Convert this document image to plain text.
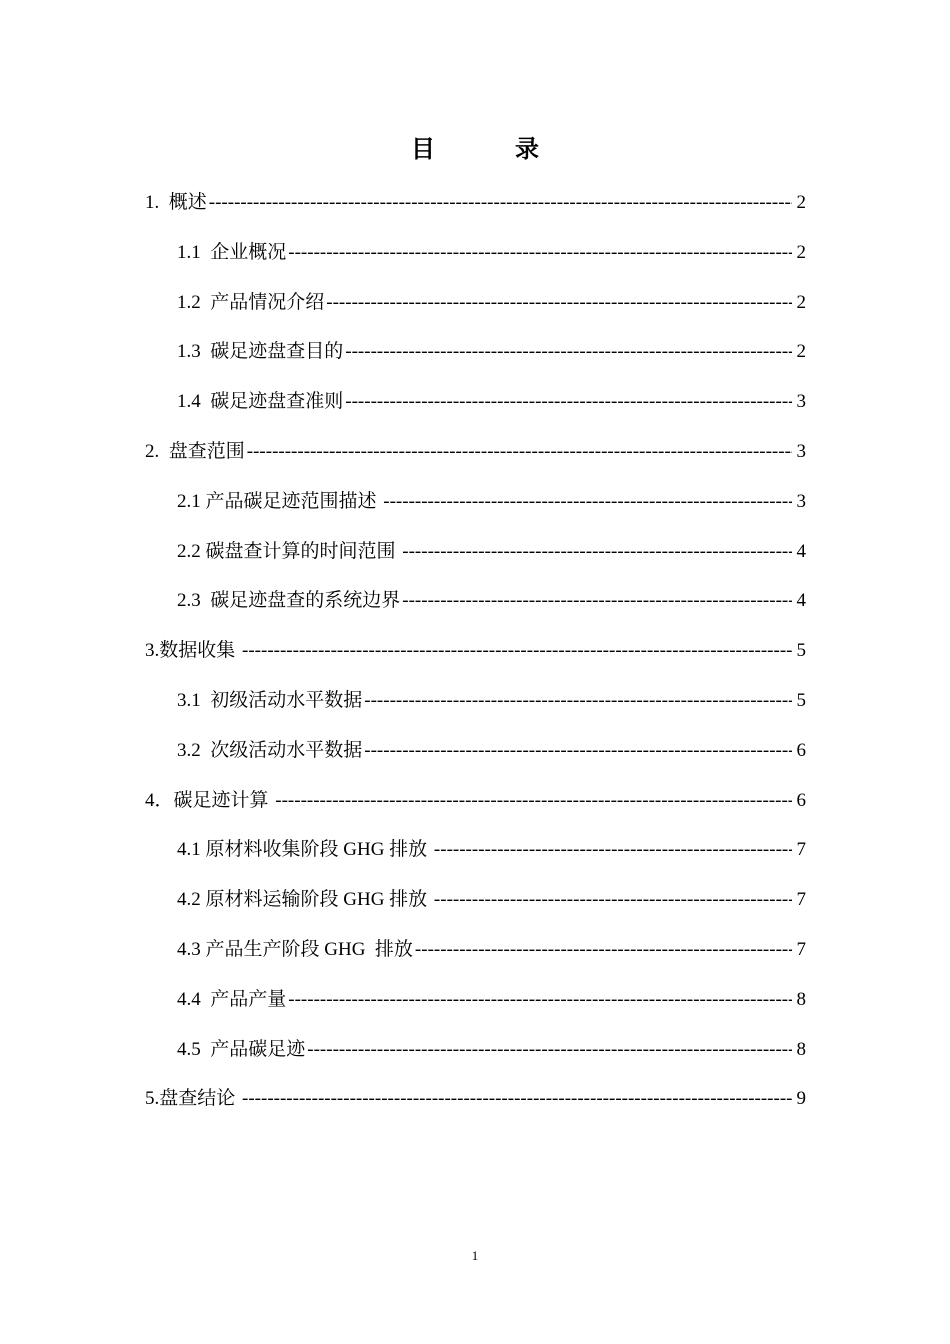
目　录
1.  概述 -----	2
1.1  企业概况 -----	2
1.2  产品情况介绍 -----	2
1.3  碳足迹盘查目的 -----	2
1.4  碳足迹盘查准则 -----	3
2.  盘查范围 -----	3
2.1 产品碳足迹范围描述 -----	3
2.2 碳盘查计算的时间范围 -----	4
2.3  碳足迹盘查的系统边界 -----	4
3.数据收集 -----	5
3.1  初级活动水平数据 -----	5
3.2  次级活动水平数据 -----	6
4．碳足迹计算 -----	6
4.1 原材料收集阶段 GHG 排放 -----	7
4.2 原材料运输阶段 GHG 排放 -----	7
4.3 产品生产阶段 GHG  排放 -----	7
4.4  产品产量 -----	8
4.5  产品碳足迹 -----	8
5.盘查结论 -----	9
1
